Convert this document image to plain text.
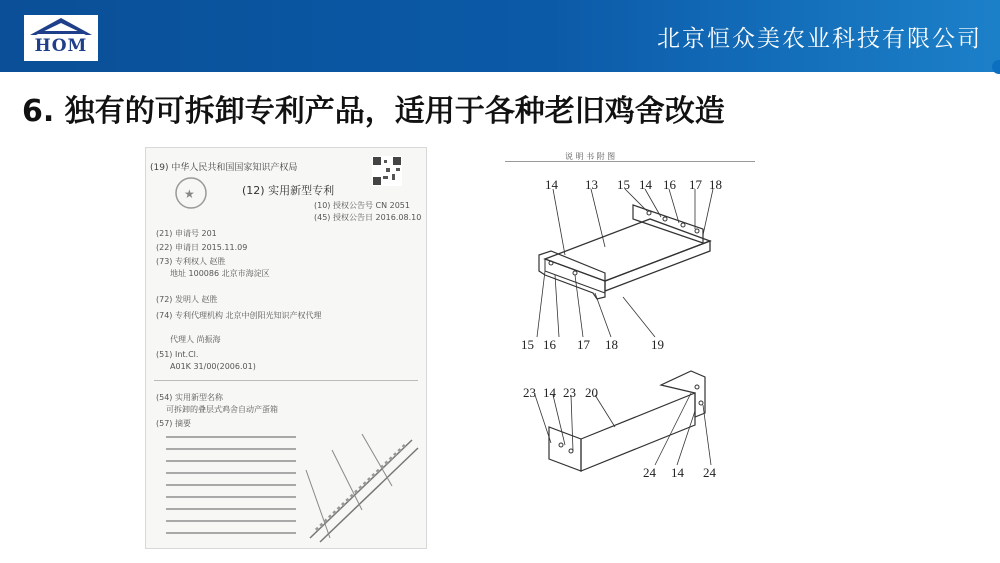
HOM	北京恒众美农业科技有限公司
6. 独有的可拆卸专利产品，适用于各种老旧鸡舍改造
(19) 中华人民共和国国家知识产权局
(12) 实用新型专利
★
(10) 授权公告号 CN 2051
(45) 授权公告日 2016.08.10
(21) 申请号 201
(22) 申请日 2015.11.09
(73) 专利权人 赵胜
地址 100086 北京市海淀区
(72) 发明人 赵胜
(74) 专利代理机构 北京中创阳光知识产权代理
代理人 尚振海
(51) Int.Cl.
A01K 31/00(2006.01)
(54) 实用新型名称
可拆卸的叠层式鸡舍自动产蛋箱
(57) 摘要
说 明 书 附 图
14 13 15 14 16 17 18
15 16 17 18	19
23 14 23 20
24 14 24
